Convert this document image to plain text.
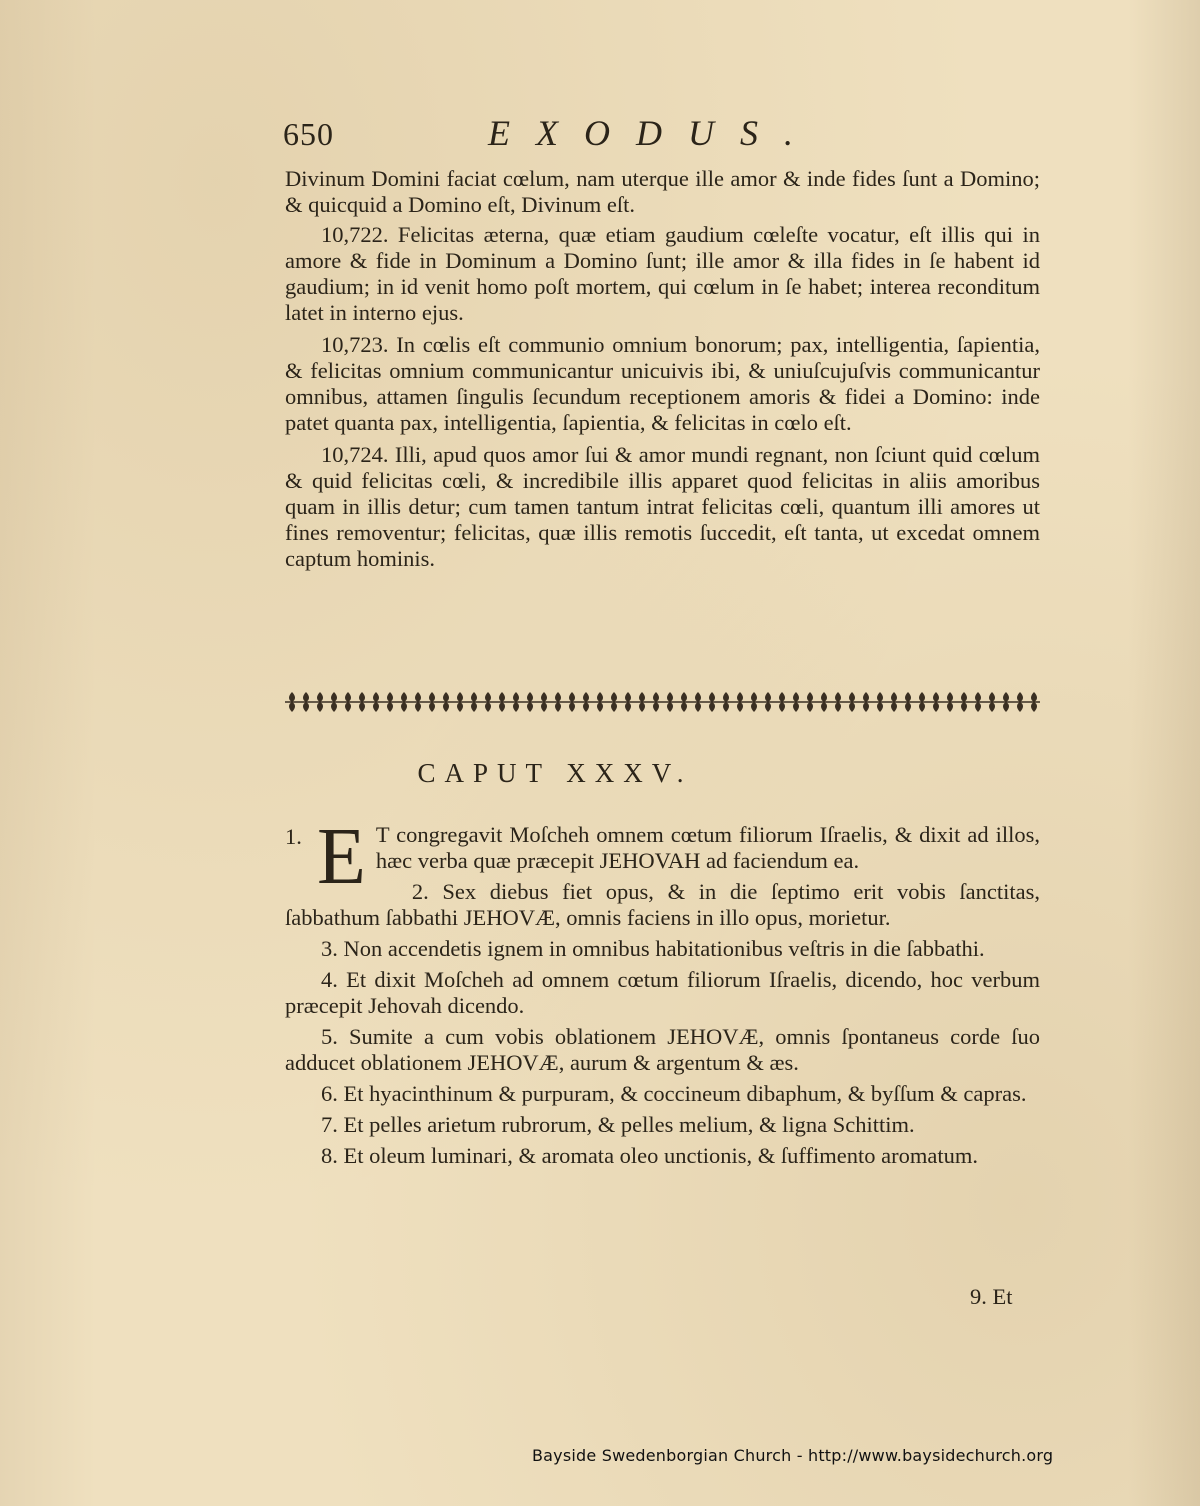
650	EXODUS.

Divinum Domini faciat cœlum, nam uterque ille amor & inde fides ſunt a Domino; & quicquid a Domino eſt, Divinum eſt.

10,722. Felicitas æterna, quæ etiam gaudium cœleſte vocatur, eſt illis qui in amore & fide in Dominum a Domino ſunt; ille amor & illa fides in ſe habent id gaudium; in id venit homo poſt mortem, qui cœlum in ſe habet; interea reconditum latet in interno ejus.

10,723. In cœlis eſt communio omnium bonorum; pax, intelligentia, ſapientia, & felicitas omnium communicantur unicuivis ibi, & uniuſcujuſvis communicantur omnibus, attamen ſingulis ſecundum receptionem amoris & fidei a Domino: inde patet quanta pax, intelligentia, ſapientia, & felicitas in cœlo eſt.

10,724. Illi, apud quos amor ſui & amor mundi regnant, non ſciunt quid cœlum & quid felicitas cœli, & incredibile illis apparet quod felicitas in aliis amoribus quam in illis detur; cum tamen tantum intrat felicitas cœli, quantum illi amores ut fines removentur; felicitas, quæ illis remotis ſuccedit, eſt tanta, ut excedat omnem captum hominis.

CAPUT XXXV.

1. E T congregavit Moſcheh omnem cœtum filiorum Iſraelis, & dixit ad illos, hæc verba quæ præcepit JEHOVAH ad faciendum ea.

2. Sex diebus fiet opus, & in die ſeptimo erit vobis ſanctitas, ſabbathum ſabbathi JEHOVÆ, omnis faciens in illo opus, morietur.

3. Non accendetis ignem in omnibus habitationibus veſtris in die ſabbathi.

4. Et dixit Moſcheh ad omnem cœtum filiorum Iſraelis, dicendo, hoc verbum præcepit Jehovah dicendo.

5. Sumite a cum vobis oblationem JEHOVÆ, omnis ſpontaneus corde ſuo adducet oblationem JEHOVÆ, aurum & argentum & æs.

6. Et hyacinthinum & purpuram, & coccineum dibaphum, & byſſum & capras.

7. Et pelles arietum rubrorum, & pelles melium, & ligna Schittim.

8. Et oleum luminari, & aromata oleo unctionis, & ſuffimento aromatum.

9. Et
Bayside Swedenborgian Church - http://www.baysidechurch.org
